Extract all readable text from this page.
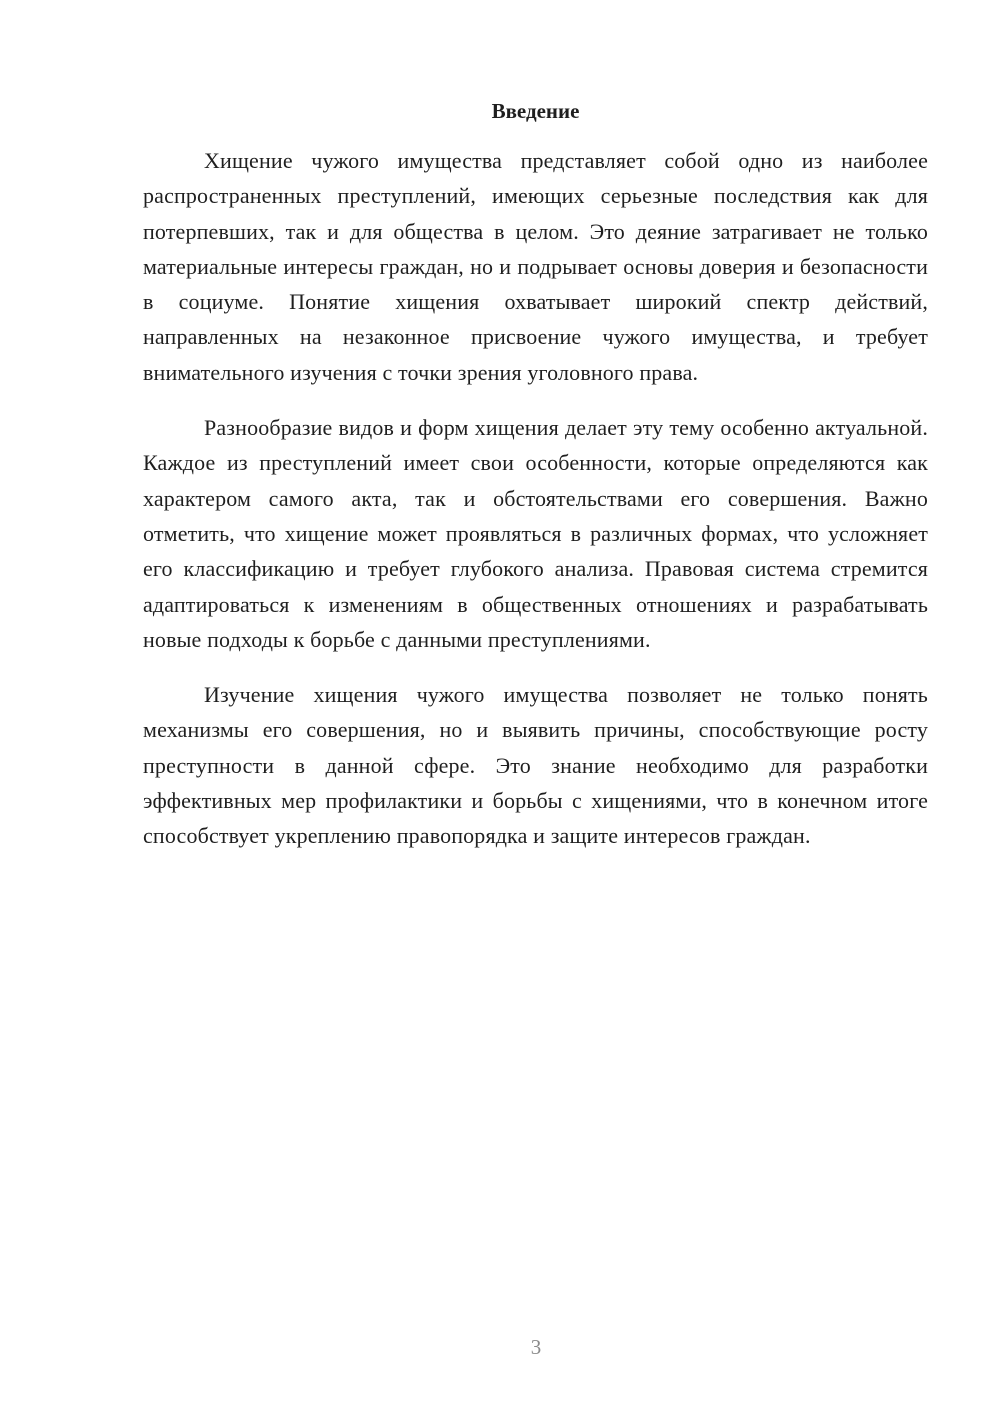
Введение

Хищение чужого имущества представляет собой одно из наиболее распространенных преступлений, имеющих серьезные последствия как для потерпевших, так и для общества в целом. Это деяние затрагивает не только материальные интересы граждан, но и подрывает основы доверия и безопасности в социуме. Понятие хищения охватывает широкий спектр действий, направленных на незаконное присвоение чужого имущества, и требует внимательного изучения с точки зрения уголовного права.

Разнообразие видов и форм хищения делает эту тему особенно актуальной. Каждое из преступлений имеет свои особенности, которые определяются как характером самого акта, так и обстоятельствами его совершения. Важно отметить, что хищение может проявляться в различных формах, что усложняет его классификацию и требует глубокого анализа. Правовая система стремится адаптироваться к изменениям в общественных отношениях и разрабатывать новые подходы к борьбе с данными преступлениями.

Изучение хищения чужого имущества позволяет не только понять механизмы его совершения, но и выявить причины, способствующие росту преступности в данной сфере. Это знание необходимо для разработки эффективных мер профилактики и борьбы с хищениями, что в конечном итоге способствует укреплению правопорядка и защите интересов граждан.

3
